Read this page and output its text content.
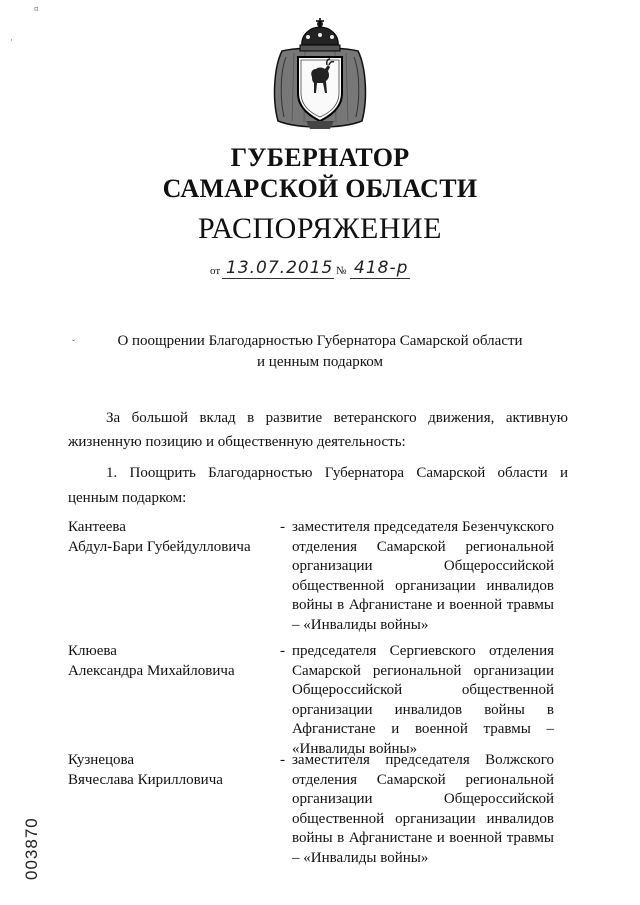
¤
·
ˇ
ГУБЕРНАТОР
САМАРСКОЙ ОБЛАСТИ
РАСПОРЯЖЕНИЕ
от 13.07.2015 № 418-р
О поощрении Благодарностью Губернатора Самарской области
и ценным подарком
За большой вклад в развитие ветеранского движения, активную жизненную позицию и общественную деятельность:
1. Поощрить Благодарностью Губернатора Самарской области и ценным подарком:
Кантеева
Абдул-Бари Губейдулловича
- заместителя председателя Безенчукского отделения Самарской региональной организации Общероссийской общественной организации инвалидов войны в Афганистане и военной травмы – «Инвалиды войны»
Клюева
Александра Михайловича
- председателя Сергиевского отделения Самарской региональной организации Общероссийской общественной организации инвалидов войны в Афганистане и военной травмы – «Инвалиды войны»
Кузнецова
Вячеслава Кирилловича
- заместителя председателя Волжского отделения Самарской региональной организации Общероссийской общественной организации инвалидов войны в Афганистане и военной травмы – «Инвалиды войны»
003870
